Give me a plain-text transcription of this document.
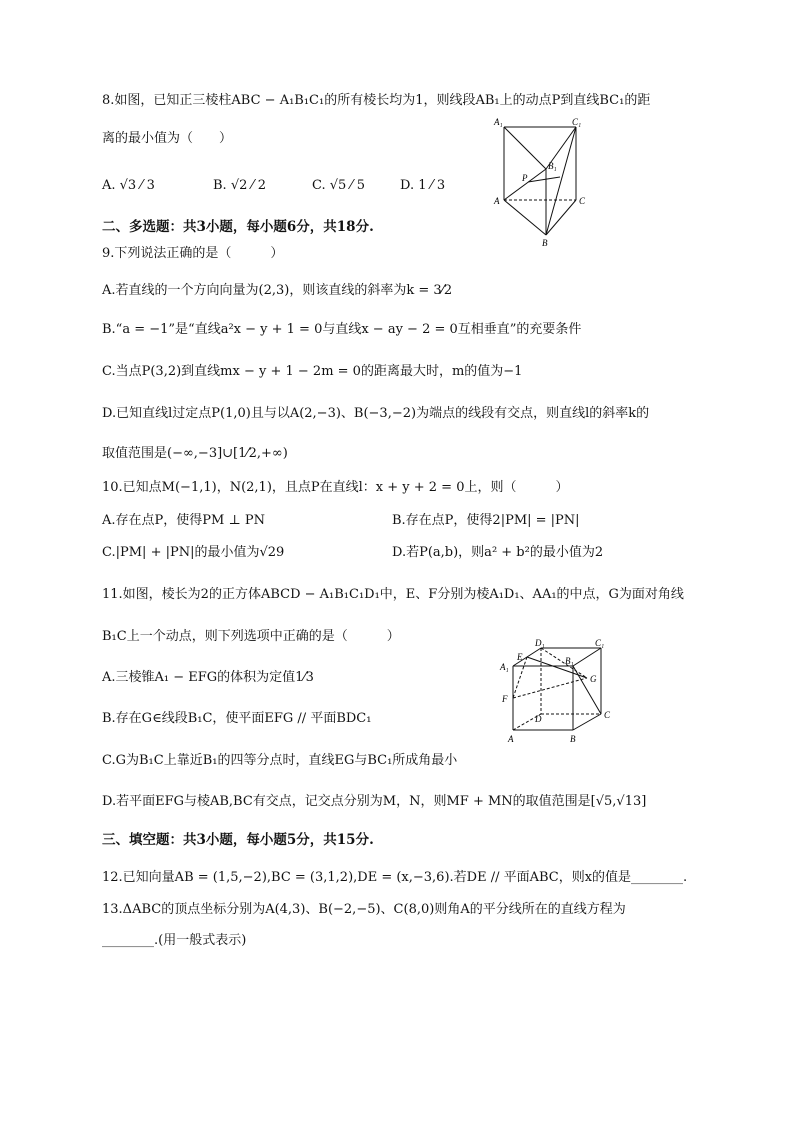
8.如图，已知正三棱柱ABC − A₁B₁C₁的所有棱长均为1，则线段AB₁上的动点P到直线BC₁的距
离的最小值为（　　）
A. √3 ⁄ 3	B. √2 ⁄ 2	C. √5 ⁄ 5	D. 1 ⁄ 3
A₁	C₁
B₁
P
A	C
B
二、多选题：共3小题，每小题6分，共18分.
9.下列说法正确的是（　　　）
A.若直线的一个方向向量为(2,3)，则该直线的斜率为k = 3⁄2
B.“a = −1”是“直线a²x − y + 1 = 0与直线x − ay − 2 = 0互相垂直”的充要条件
C.当点P(3,2)到直线mx − y + 1 − 2m = 0的距离最大时，m的值为−1
D.已知直线l过定点P(1,0)且与以A(2,−3)、B(−3,−2)为端点的线段有交点，则直线l的斜率k的
取值范围是(−∞,−3]∪[1⁄2,+∞)
10.已知点M(−1,1)，N(2,1)，且点P在直线l：x + y + 2 = 0上，则（　　　）
A.存在点P，使得PM ⊥ PN	B.存在点P，使得2|PM| = |PN|
C.|PM| + |PN|的最小值为√29	D.若P(a,b)，则a² + b²的最小值为2
11.如图，棱长为2的正方体ABCD − A₁B₁C₁D₁中，E、F分别为棱A₁D₁、AA₁的中点，G为面对角线
B₁C上一个动点，则下列选项中正确的是（　　　）
A.三棱锥A₁ − EFG的体积为定值1⁄3
B.存在G∈线段B₁C，使平面EFG // 平面BDC₁
C.G为B₁C上靠近B₁的四等分点时，直线EG与BC₁所成角最小
D.若平面EFG与棱AB,BC有交点，记交点分别为M，N，则MF + MN的取值范围是[√5,√13]
D₁	C₁
A₁
E	B₁
G
F
D	C
A	B
三、填空题：共3小题，每小题5分，共15分.
12.已知向量AB = (1,5,−2),BC = (3,1,2),DE = (x,−3,6).若DE // 平面ABC，则x的值是________.
13.ΔABC的顶点坐标分别为A(4,3)、B(−2,−5)、C(8,0)则角A的平分线所在的直线方程为
________.(用一般式表示)
